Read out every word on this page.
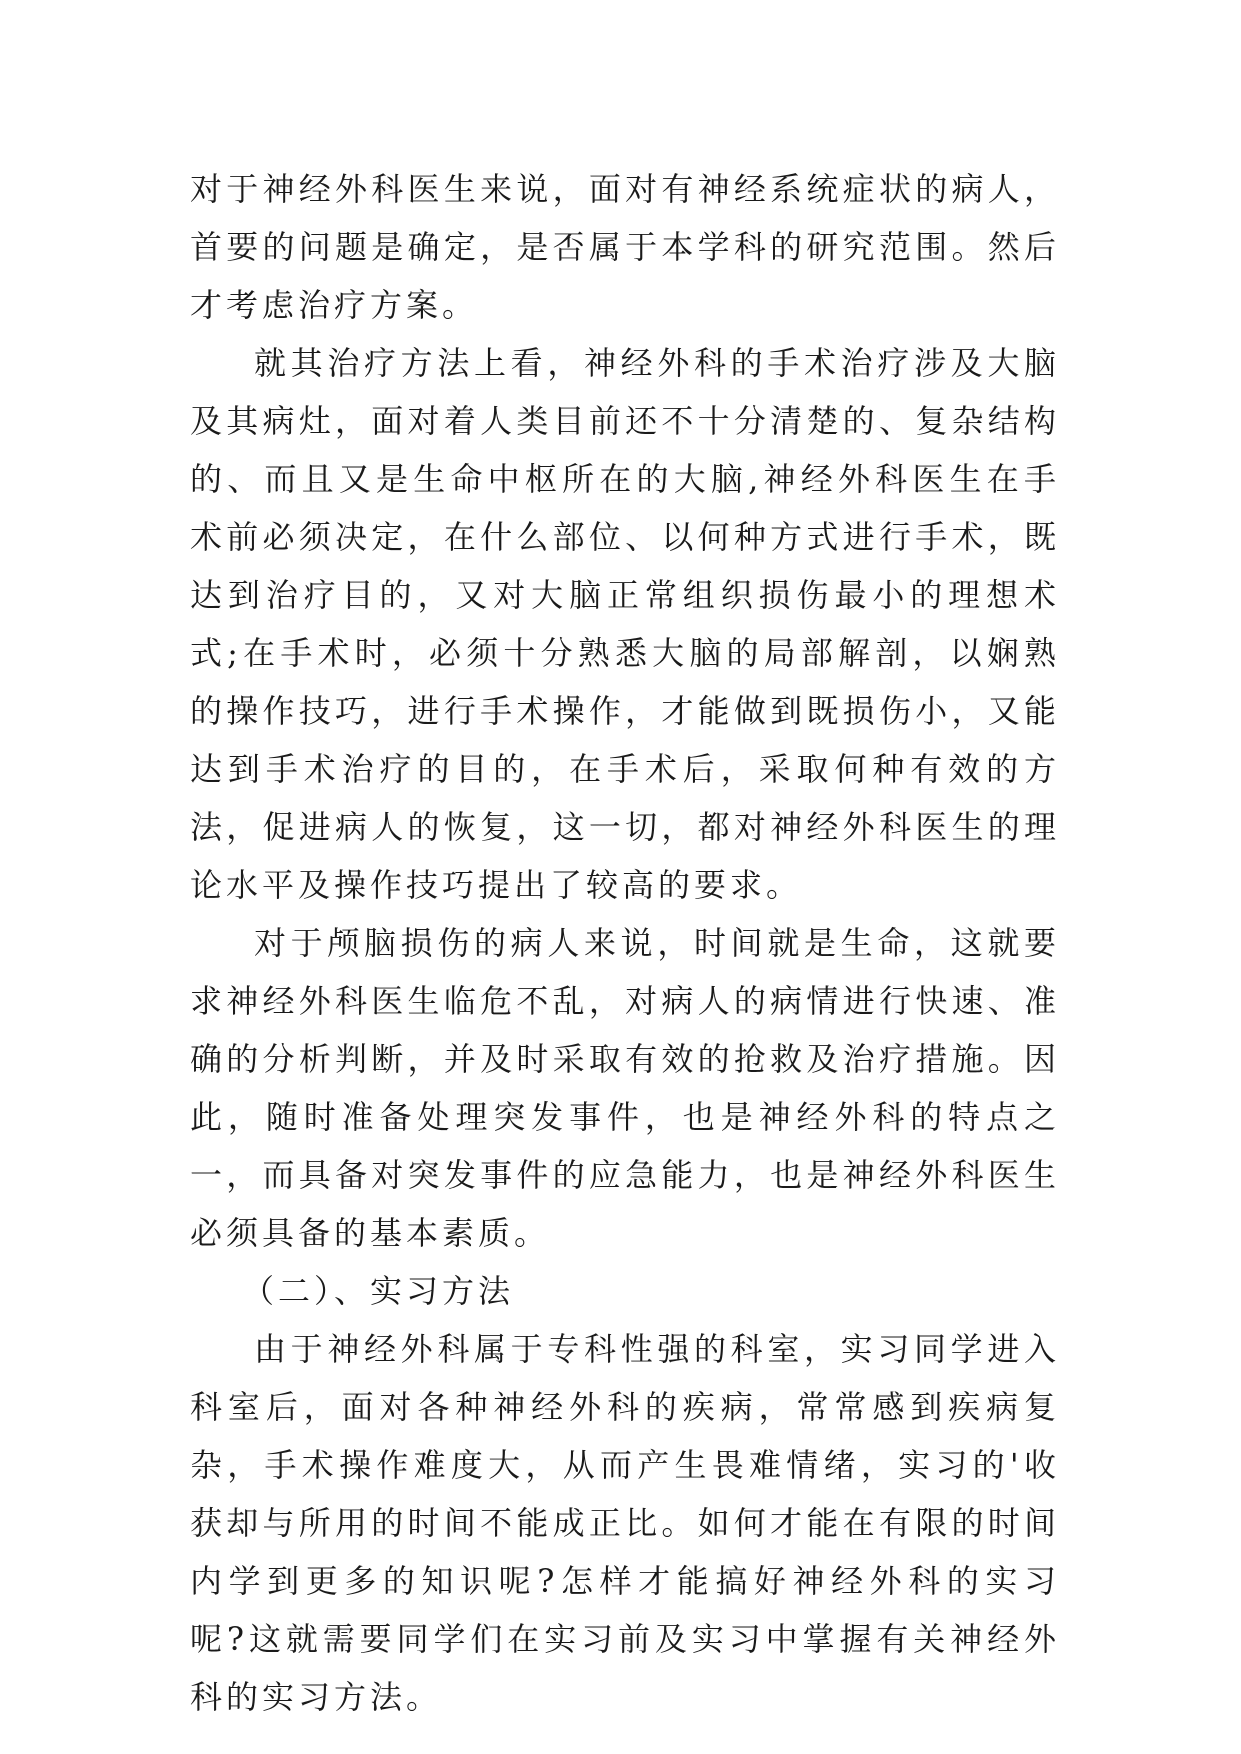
对于神经外科医生来说，面对有神经系统症状的病人，首要的问题是确定，是否属于本学科的研究范围。然后才考虑治疗方案。

就其治疗方法上看，神经外科的手术治疗涉及大脑及其病灶，面对着人类目前还不十分清楚的、复杂结构的、而且又是生命中枢所在的大脑,神经外科医生在手术前必须决定，在什么部位、以何种方式进行手术，既达到治疗目的，又对大脑正常组织损伤最小的理想术式;在手术时，必须十分熟悉大脑的局部解剖，以娴熟的操作技巧，进行手术操作，才能做到既损伤小，又能达到手术治疗的目的，在手术后，采取何种有效的方法，促进病人的恢复，这一切，都对神经外科医生的理论水平及操作技巧提出了较高的要求。

对于颅脑损伤的病人来说，时间就是生命，这就要求神经外科医生临危不乱，对病人的病情进行快速、准确的分析判断，并及时采取有效的抢救及治疗措施。因此，随时准备处理突发事件，也是神经外科的特点之一，而具备对突发事件的应急能力，也是神经外科医生必须具备的基本素质。

（二）、实习方法

由于神经外科属于专科性强的科室，实习同学进入科室后，面对各种神经外科的疾病，常常感到疾病复杂，手术操作难度大，从而产生畏难情绪，实习的'收获却与所用的时间不能成正比。如何才能在有限的时间内学到更多的知识呢?怎样才能搞好神经外科的实习呢?这就需要同学们在实习前及实习中掌握有关神经外科的实习方法。
